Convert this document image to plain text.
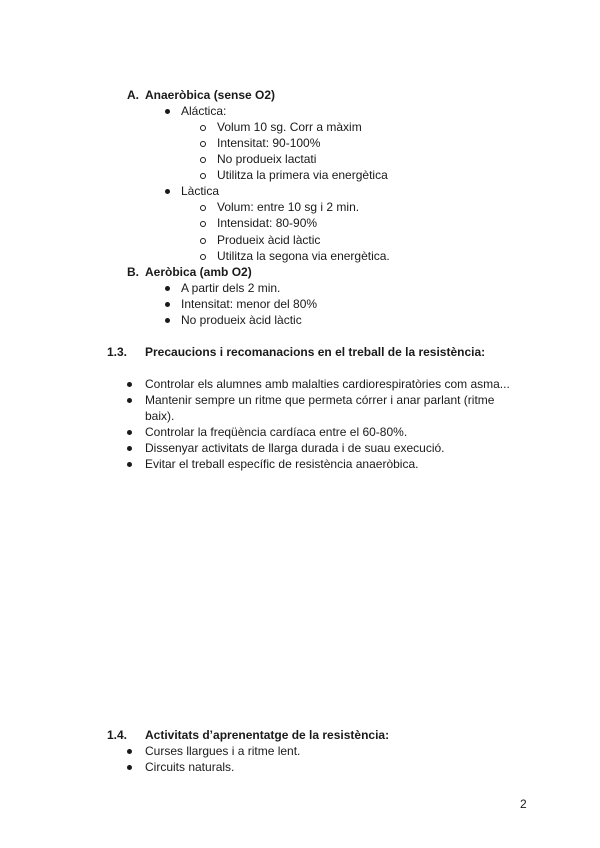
A. Anaeròbica (sense O2)
Aláctica:
Volum 10 sg. Corr a màxim
Intensitat: 90-100%
No produeix lactati
Utilitza la primera via energètica
Làctica
Volum: entre 10 sg i 2 min.
Intensidat: 80-90%
Produeix àcid làctic
Utilitza la segona via energètica.
B. Aeròbica (amb O2)
A partir dels 2 min.
Intensitat: menor del 80%
No produeix àcid làctic
1.3. Precaucions i recomanacions en el treball de la resistència:
Controlar els alumnes amb malalties cardiorespiratòries com asma...
Mantenir sempre un ritme que permeta córrer i anar parlant (ritme
baix).
Controlar la freqüència cardíaca entre el 60-80%.
Dissenyar activitats de llarga durada i de suau execució.
Evitar el treball específic de resistència anaeròbica.
1.4. Activitats d’aprenentatge de la resistència:
Curses llargues i a ritme lent.
Circuits naturals.
2
